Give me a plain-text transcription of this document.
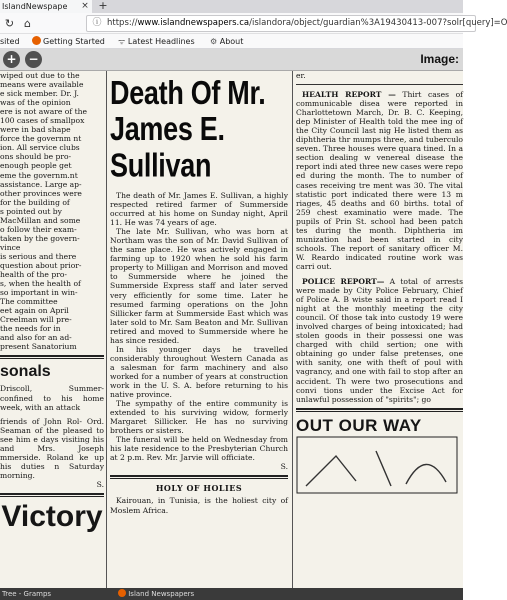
IslandNewspape × +
↻ ⌂	ⓘ https://www.islandnewspapers.ca/islandora/object/guardian%3A19430413-007?solr[query]=O
sited	Getting Started ᯤ Latest Headlines ⚙ About
+ −	Image:
wiped out due to the
means were available
e sick member. Dr. J.
was of the opinion
ere is not aware of the
100 cases of smallpox
were in bad shape
force the governm nt
ion. All service clubs
ons should be pro-
enough people get
eme the governm.nt
assistance. Large ap-
other provinces were
for the building of
s pointed out by
MacMillan and some
o follow their exam-
taken by the govern-
vince
is serious and there
question about prior-
health of the pro-
s, when the health of
so important in win-
The committee
eet again on April
Creelman will pre-
the needs for in
and also for an ad-
present Sanatorium
sonals
Driscoll, Summer- confined to his home week, with an attack
friends of John Rol- Ord. Seaman of the pleased to see him e days visiting his and Mrs. Joseph mmerside. Roland ke up his duties n Saturday morning.
S.
Victory
Death Of Mr.
James E.
Sullivan
The death of Mr. James E. Sullivan, a highly respected retired farmer of Summerside occurred at his home on Sunday night, April 11. He was 74 years of age.
The late Mr. Sullivan, who was born at Northam was the son of Mr. David Sullivan of the same place. He was actively engaged in farming up to 1920 when he sold his farm property to Milligan and Morrison and moved to Summerside where he joined the Summerside Express staff and later served very efficiently for some time. Later he resumed farming operations on the John Sillicker farm at Summerside East which was later sold to Mr. Sam Beaton and Mr. Sullivan retired and moved to Summerside where he has since resided.
In his younger days he travelled considerably throughout Western Canada as a salesman for farm machinery and also worked for a number of years at construction work in the U. S. A. before returning to his native province.
The sympathy of the entire community is extended to his surviving widow, formerly Margaret Sillicker. He has no surviving brothers or sisters.
The funeral will be held on Wednesday from his late residence to the Presbyterian Church at 2 p.m. Rev. Mr. Jarvie will officiate.
S.
HOLY OF HOLIES
Kairouan, in Tunisia, is the holiest city of Moslem Africa.
er.
HEALTH REPORT — Thirt cases of communicable disea were reported in Charlottetown March, Dr. B. C. Keeping, dep Minister of Health told the mee ing of the City Council last nig He listed them as diphtheria thr mumps three, and tuberculo seven. Three houses were quara tined. In a section dealing w venereal disease the report indi ated three new cases were repo ed during the month. The to number of cases receiving tre ment was 30. The vital statistic port indicated there were 13 m riages, 45 deaths and 60 births. total of 259 chest examinatio were made. The pupils of Prin St. school had been patch tes during the month. Diphtheria im munization had been started in city schools. The report of sanitary officer M. W. Reardo indicated routine work was carri out.
POLICE REPORT— A total of arrests were made by City Police February, Chief of Police A. B wiste said in a report read I night at the monthly meeting the city council. Of those tak into custody 19 were involved charges of being intoxicated; had stolen goods in their possessi one was charged with child sertion; one with obtaining go under false pretenses, one with sanity, one with theft of poul with vagrancy, and one with fail to stop after an accident. Th were two prosecutions and convi tions under the Excise Act for unlawful possession of "spirits"; go
OUT OUR WAY
Tree - Gramps	Island Newspapers
